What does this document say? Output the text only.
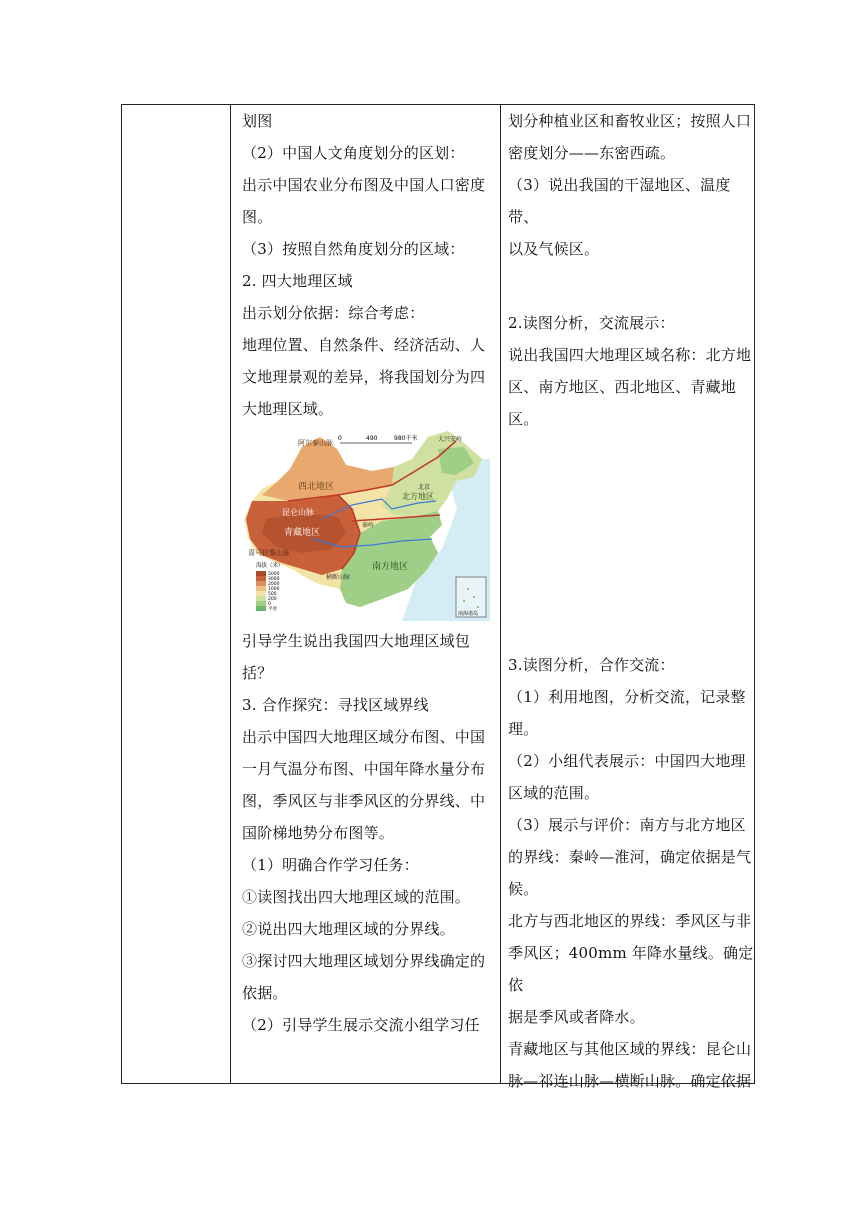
划图

（2）中国人文角度划分的区划：

出示中国农业分布图及中国人口密度

图。

（3）按照自然角度划分的区域：

2. 四大地理区域

出示划分依据：综合考虑：

地理位置、自然条件、经济活动、人

文地理景观的差异，将我国划分为四

大地理区域。

0	490	980千米
阿尔泰山脉
西北地区
昆仑山脉
青藏地区
喜马拉雅山脉
北方地区
北京
大兴安岭
秦岭
横断山脉
南方地区
海拔（米）
5000
3000
2000
1000
500
200
0
平原
南海诸岛

引导学生说出我国四大地理区域包

括？

3. 合作探究：寻找区域界线

出示中国四大地理区域分布图、中国

一月气温分布图、中国年降水量分布

图，季风区与非季风区的分界线、中

国阶梯地势分布图等。

（1）明确合作学习任务：

①读图找出四大地理区域的范围。

②说出四大地理区域的分界线。

③探讨四大地理区域划分界线确定的

依据。

（2）引导学生展示交流小组学习任

划分种植业区和畜牧业区；按照人口

密度划分——东密西疏。

（3）说出我国的干湿地区、温度带、

以及气候区。

2.读图分析，交流展示：

说出我国四大地理区域名称：北方地

区、南方地区、西北地区、青藏地区。

3.读图分析，合作交流：

（1）利用地图，分析交流，记录整

理。

（2）小组代表展示：中国四大地理

区域的范围。

（3）展示与评价：南方与北方地区

的界线：秦岭—淮河，确定依据是气

候。

北方与西北地区的界线：季风区与非

季风区；400mm 年降水量线。确定依

据是季风或者降水。

青藏地区与其他区域的界线：昆仑山

脉—祁连山脉—横断山脉。确定依据
